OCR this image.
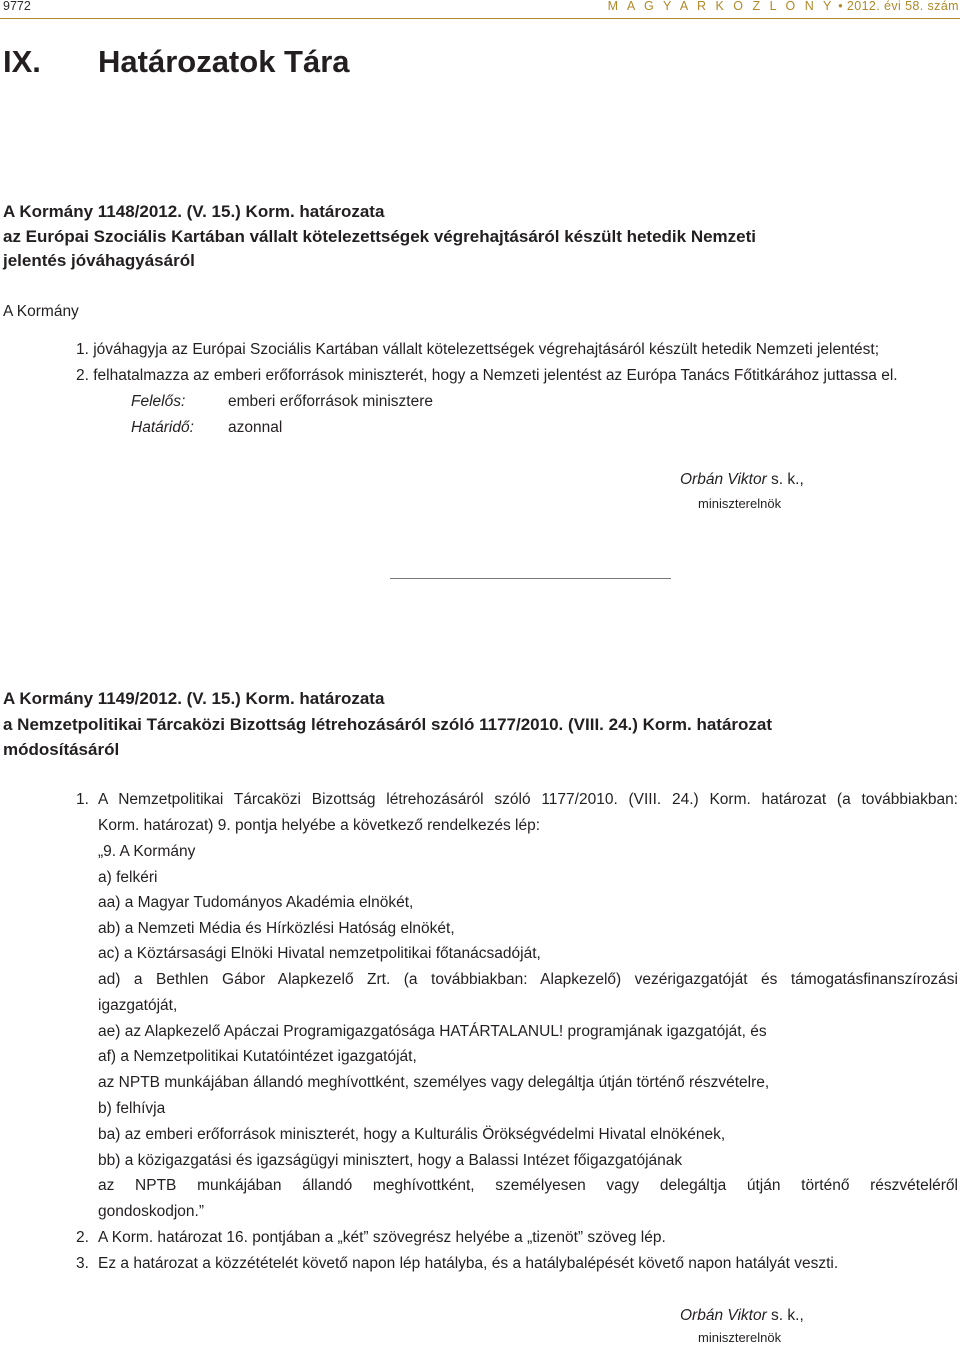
9772	M A G Y A R K Ö Z L Ö N Y • 2012. évi 58. szám
IX. Határozatok Tára
A Kormány 1148/2012. (V. 15.) Korm. határozata
az Európai Szociális Kartában vállalt kötelezettségek végrehajtásáról készült hetedik Nemzeti
jelentés jóváhagyásáról
A Kormány
1. jóváhagyja az Európai Szociális Kartában vállalt kötelezettségek végrehajtásáról készült hetedik Nemzeti jelentést;
2. felhatalmazza az emberi erőforrások miniszterét, hogy a Nemzeti jelentést az Európa Tanács Főtitkárához juttassa el.
Felelős:	emberi erőforrások minisztere
Határidő: azonnal
Orbán Viktor s. k.,
miniszterelnök
A Kormány 1149/2012. (V. 15.) Korm. határozata
a Nemzetpolitikai Tárcaközi Bizottság létrehozásáról szóló 1177/2010. (VIII. 24.) Korm. határozat
módosításáról
1. A Nemzetpolitikai Tárcaközi Bizottság létrehozásáról szóló 1177/2010. (VIII. 24.) Korm. határozat (a továbbiakban:
Korm. határozat) 9. pontja helyébe a következő rendelkezés lép:
„9. A Kormány
a) felkéri
aa) a Magyar Tudományos Akadémia elnökét,
ab) a Nemzeti Média és Hírközlési Hatóság elnökét,
ac) a Köztársasági Elnöki Hivatal nemzetpolitikai főtanácsadóját,
ad) a Bethlen Gábor Alapkezelő Zrt. (a továbbiakban: Alapkezelő) vezérigazgatóját és támogatásfinanszírozási
igazgatóját,
ae) az Alapkezelő Apáczai Programigazgatósága HATÁRTALANUL! programjának igazgatóját, és
af) a Nemzetpolitikai Kutatóintézet igazgatóját,
az NPTB munkájában állandó meghívottként, személyes vagy delegáltja útján történő részvételre,
b) felhívja
ba) az emberi erőforrások miniszterét, hogy a Kulturális Örökségvédelmi Hivatal elnökének,
bb) a közigazgatási és igazságügyi minisztert, hogy a Balassi Intézet főigazgatójának
az NPTB munkájában állandó meghívottként, személyesen vagy delegáltja útján történő részvételéről
gondoskodjon.”
2. A Korm. határozat 16. pontjában a „két” szövegrész helyébe a „tizenöt” szöveg lép.
3. Ez a határozat a közzétételét követő napon lép hatályba, és a hatálybalépését követő napon hatályát veszti.
Orbán Viktor s. k.,
miniszterelnök
